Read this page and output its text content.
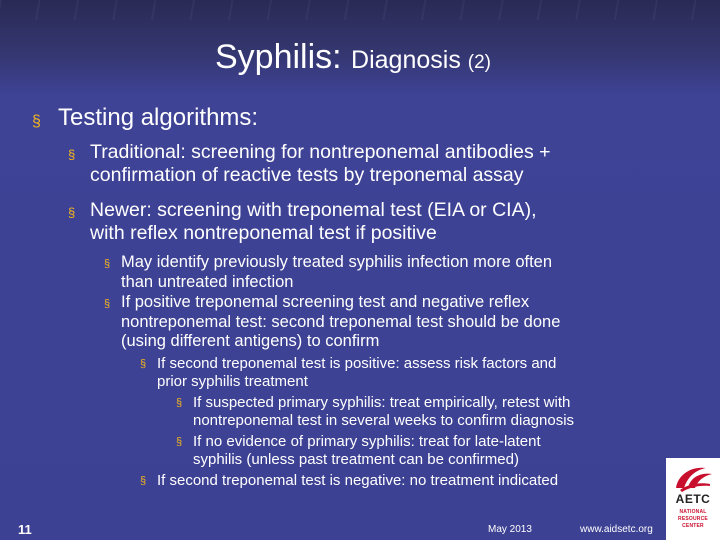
Syphilis: Diagnosis (2)
§ Testing algorithms:
§ Traditional: screening for nontreponemal antibodies +
confirmation of reactive tests by treponemal assay
§ Newer: screening with treponemal test (EIA or CIA),
with reflex nontreponemal test if positive
§ May identify previously treated syphilis infection more often
than untreated infection
§ If positive treponemal screening test and negative reflex
nontreponemal test: second treponemal test should be done
(using different antigens) to confirm
§ If second treponemal test is positive: assess risk factors and
prior syphilis treatment
§ If suspected primary syphilis: treat empirically, retest with
nontreponemal test in several weeks to confirm diagnosis
§ If no evidence of primary syphilis: treat for late-latent
syphilis (unless past treatment can be confirmed)
§ If second treponemal test is negative: no treatment indicated
11	May 2013	www.aidsetc.org
AETC
NATIONAL
RESOURCE
CENTER
